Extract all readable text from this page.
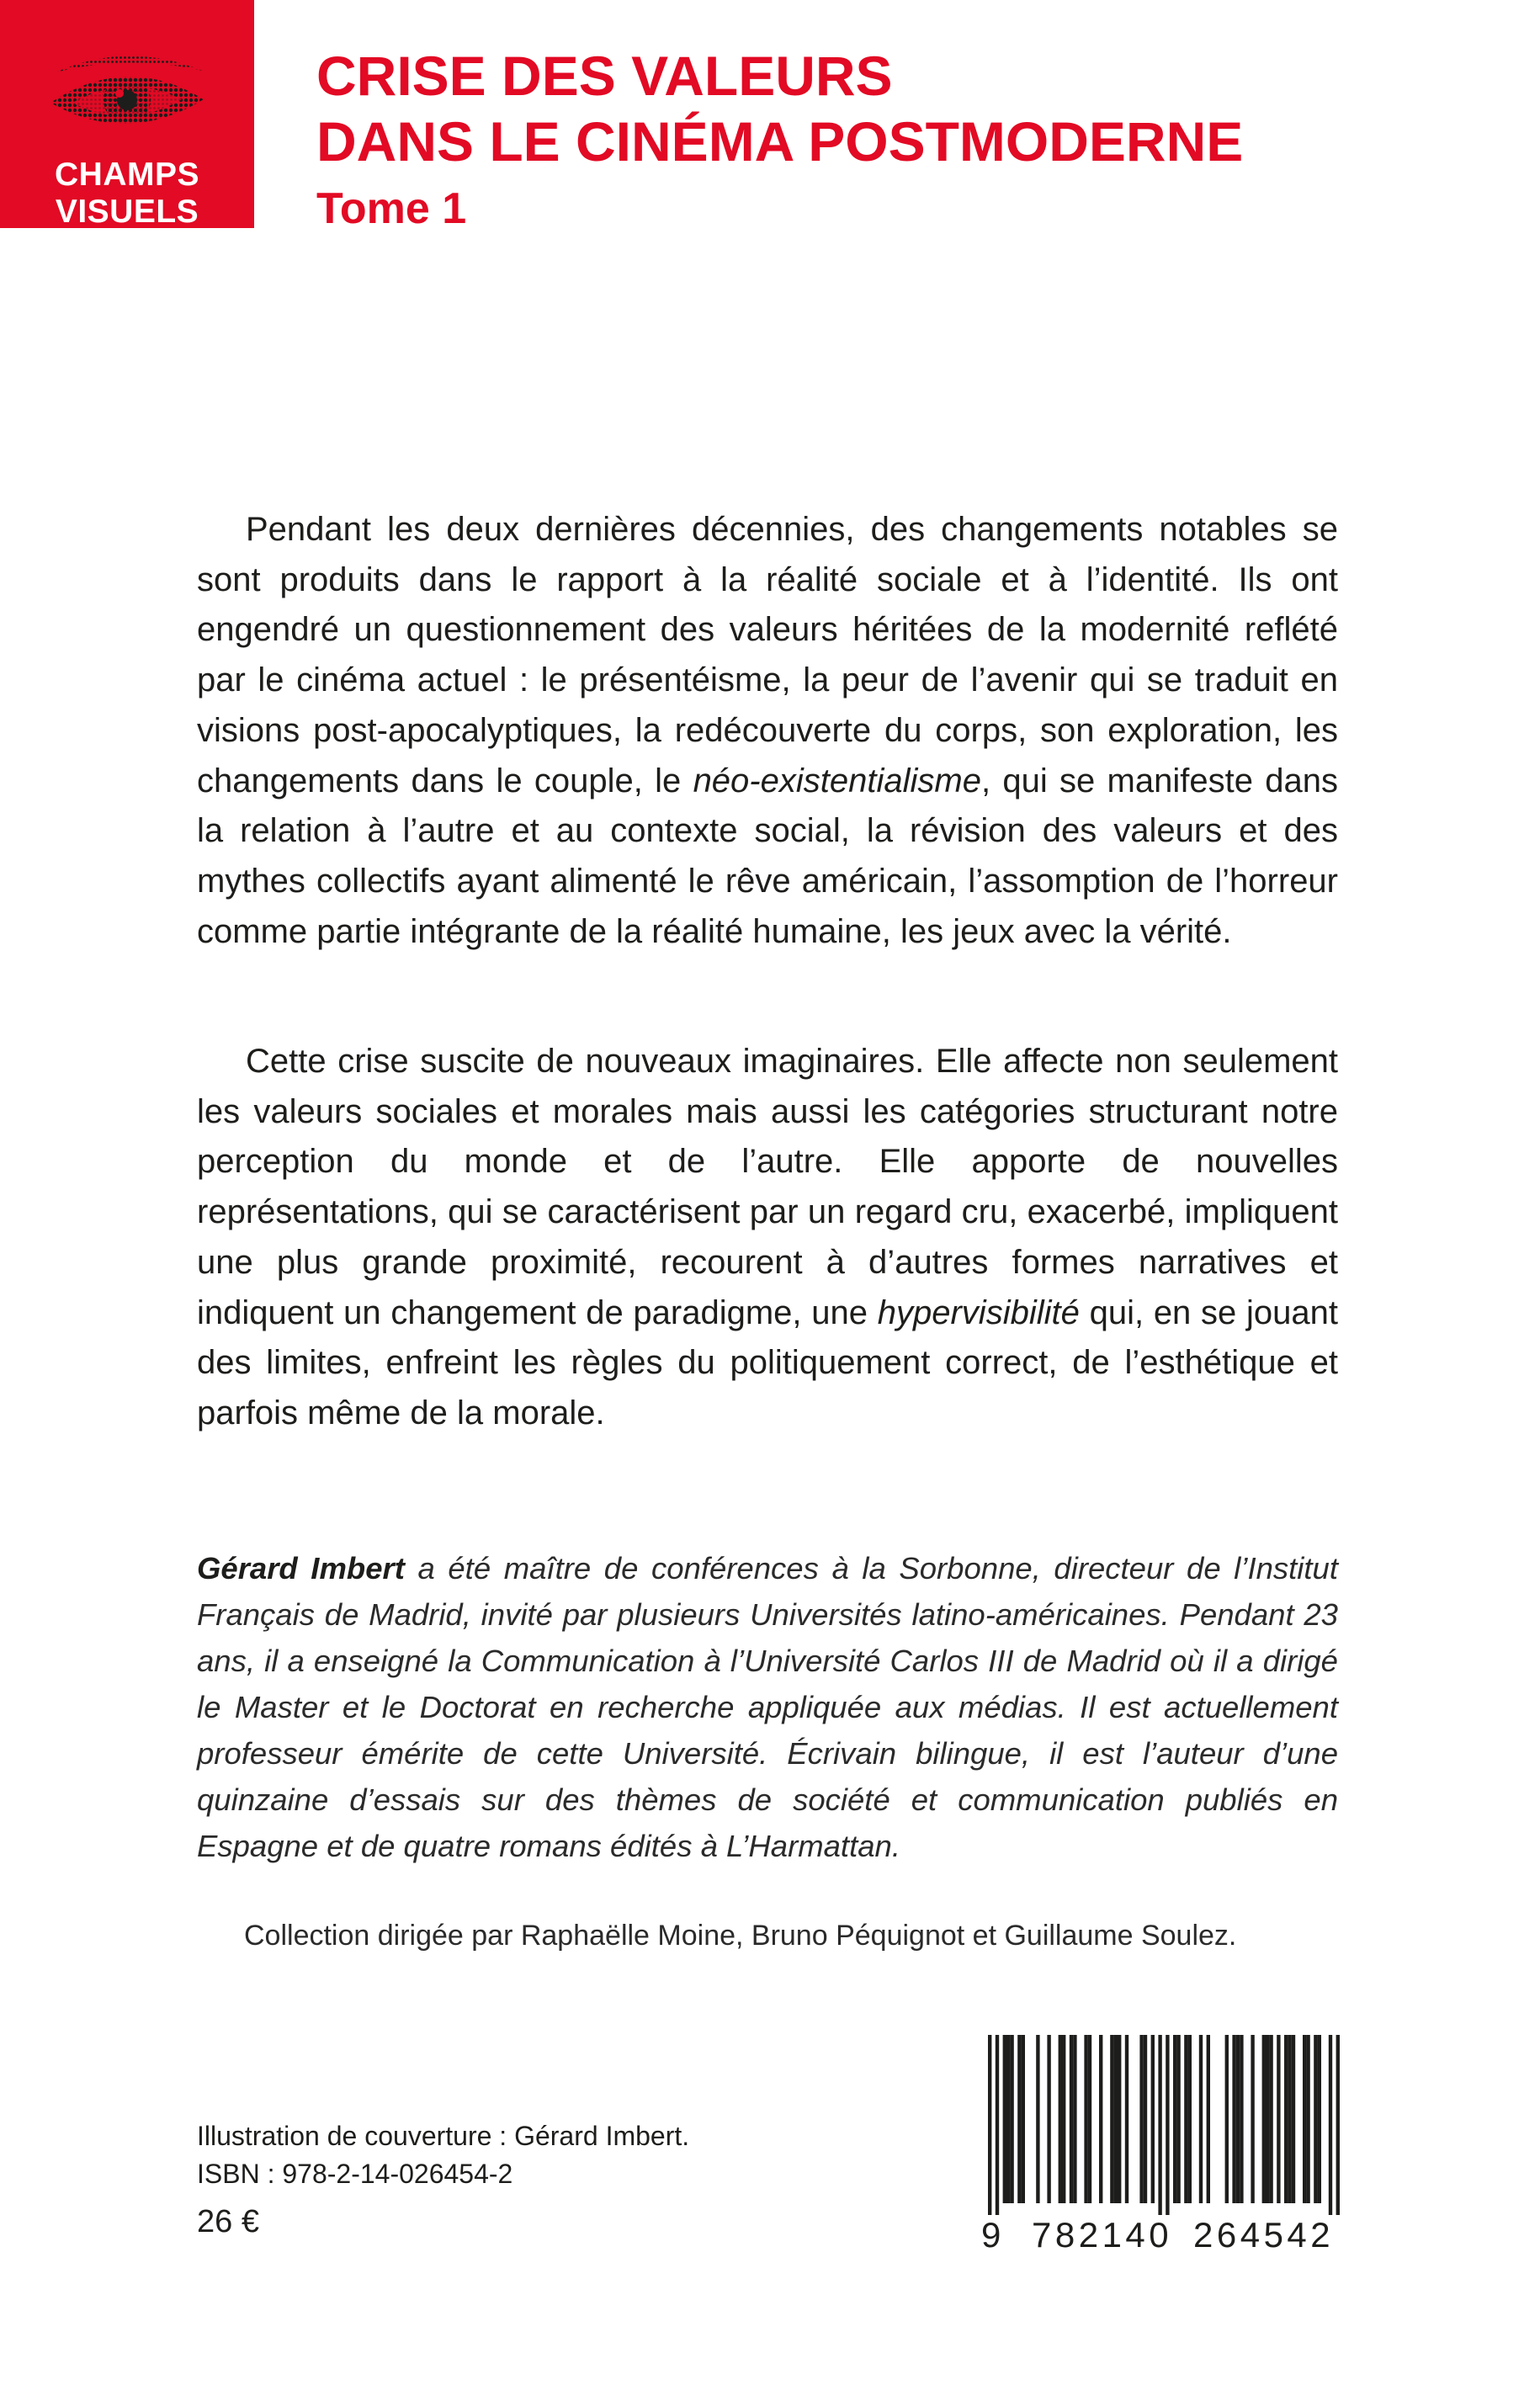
CHAMPS
VISUELS
CRISE DES VALEURS
DANS LE CINÉMA POSTMODERNE
Tome 1

Pendant les deux dernières décennies, des changements notables se sont produits dans le rapport à la réalité sociale et à l’identité. Ils ont engendré un questionnement des valeurs héritées de la modernité reflété par le cinéma actuel : le présentéisme, la peur de l’avenir qui se traduit en visions post-apocalyptiques, la redécouverte du corps, son exploration, les changements dans le couple, le néo-existentialisme, qui se manifeste dans la relation à l’autre et au contexte social, la révision des valeurs et des mythes collectifs ayant alimenté le rêve américain, l’assomption de l’horreur comme partie intégrante de la réalité humaine, les jeux avec la vérité.

Cette crise suscite de nouveaux imaginaires. Elle affecte non seulement les valeurs sociales et morales mais aussi les catégories structurant notre perception du monde et de l’autre. Elle apporte de nouvelles représentations, qui se caractérisent par un regard cru, exacerbé, impliquent une plus grande proximité, recourent à d’autres formes narratives et indiquent un changement de paradigme, une hypervisibilité qui, en se jouant des limites, enfreint les règles du politiquement correct, de l’esthétique et parfois même de la morale.

Gérard Imbert a été maître de conférences à la Sorbonne, directeur de l’Institut Français de Madrid, invité par plusieurs Universités latino-américaines. Pendant 23 ans, il a enseigné la Communication à l’Université Carlos III de Madrid où il a dirigé le Master et le Doctorat en recherche appliquée aux médias. Il est actuellement professeur émérite de cette Université. Écrivain bilingue, il est l’auteur d’une quinzaine d’essais sur des thèmes de société et communication publiés en Espagne et de quatre romans édités à L’Harmattan.

Collection dirigée par Raphaëlle Moine, Bruno Péquignot et Guillaume Soulez.
Illustration de couverture : Gérard Imbert.
ISBN : 978-2-14-026454-2
26 €	9 782140 264542
